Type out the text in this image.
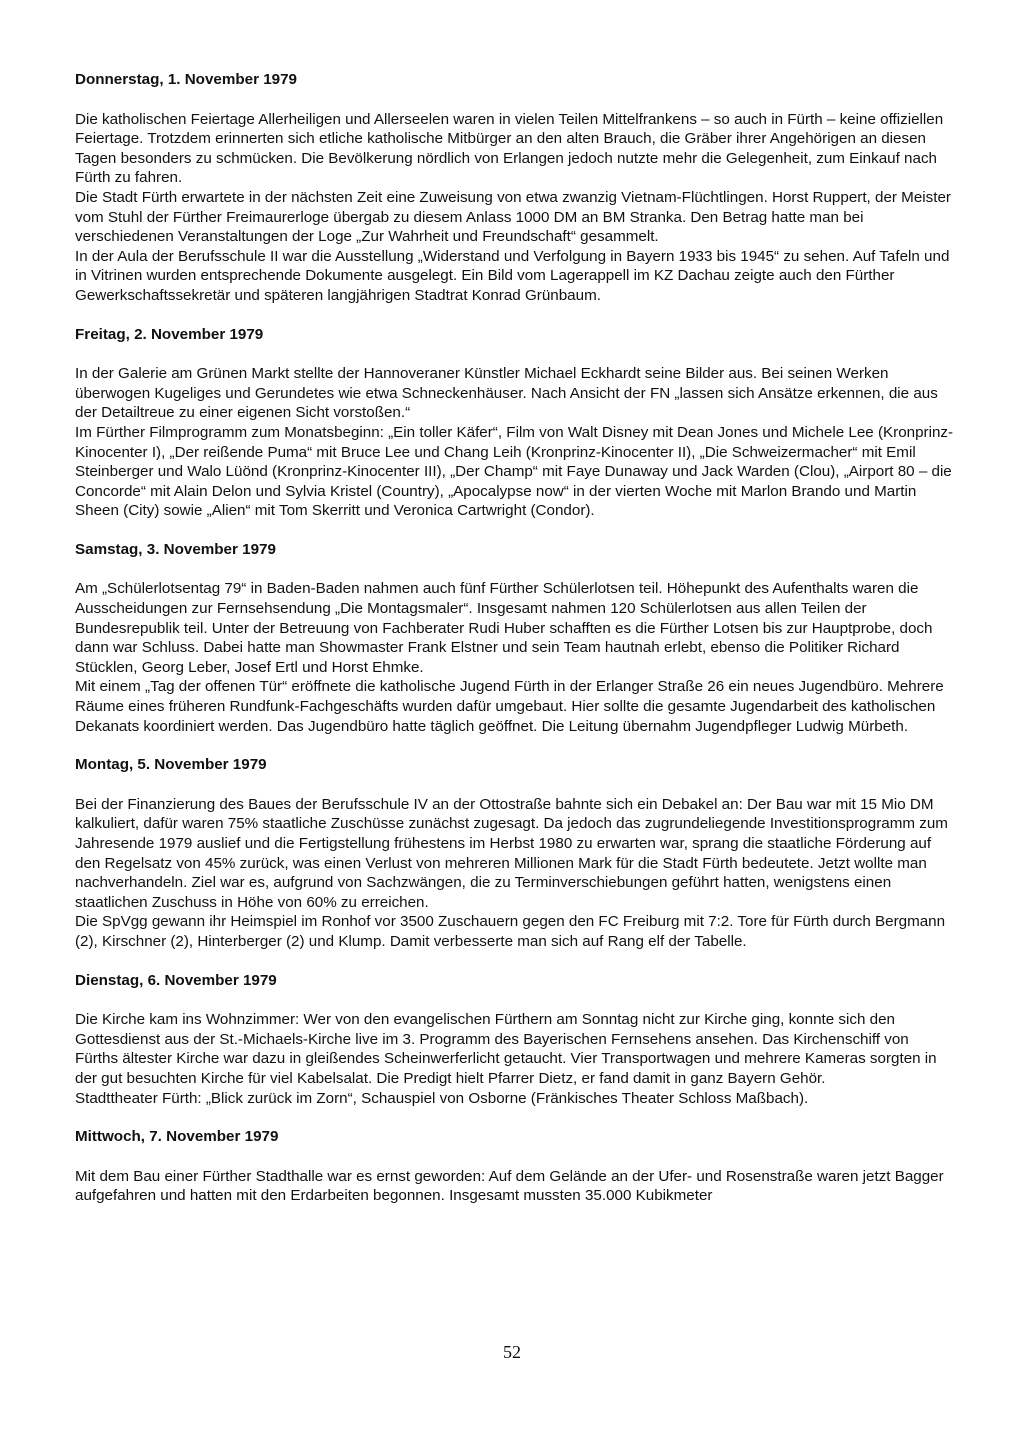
Donnerstag, 1. November 1979

Die katholischen Feiertage Allerheiligen und Allerseelen waren in vielen Teilen Mittelfrankens – so auch in Fürth – keine offiziellen Feiertage. Trotzdem erinnerten sich etliche katholische Mitbürger an den alten Brauch, die Gräber ihrer Angehörigen an diesen Tagen besonders zu schmücken. Die Bevölkerung nördlich von Erlangen jedoch nutzte mehr die Gelegenheit, zum Einkauf nach Fürth zu fahren.

Die Stadt Fürth erwartete in der nächsten Zeit eine Zuweisung von etwa zwanzig Vietnam-Flüchtlingen. Horst Ruppert, der Meister vom Stuhl der Fürther Freimaurerloge übergab zu diesem Anlass 1000 DM an BM Stranka. Den Betrag hatte man bei verschiedenen Veranstaltungen der Loge „Zur Wahrheit und Freundschaft“ gesammelt.

In der Aula der Berufsschule II war die Ausstellung „Widerstand und Verfolgung in Bayern 1933 bis 1945“ zu sehen. Auf Tafeln und in Vitrinen wurden entsprechende Dokumente ausgelegt. Ein Bild vom Lagerappell im KZ Dachau zeigte auch den Fürther Gewerkschaftssekretär und späteren langjährigen Stadtrat Konrad Grünbaum.

Freitag, 2. November 1979

In der Galerie am Grünen Markt stellte der Hannoveraner Künstler Michael Eckhardt seine Bilder aus. Bei seinen Werken überwogen Kugeliges und Gerundetes wie etwa Schneckenhäuser. Nach Ansicht der FN „lassen sich Ansätze erkennen, die aus der Detailtreue zu einer eigenen Sicht vorstoßen.“

Im Fürther Filmprogramm zum Monatsbeginn: „Ein toller Käfer“, Film von Walt Disney mit Dean Jones und Michele Lee (Kronprinz-Kinocenter I), „Der reißende Puma“ mit Bruce Lee und Chang Leih (Kronprinz-Kinocenter II), „Die Schweizermacher“ mit Emil Steinberger und Walo Lüönd (Kronprinz-Kinocenter III), „Der Champ“ mit Faye Dunaway und Jack Warden (Clou), „Airport 80 – die Concorde“ mit Alain Delon und Sylvia Kristel (Country), „Apocalypse now“ in der vierten Woche mit Marlon Brando und Martin Sheen (City) sowie „Alien“ mit Tom Skerritt und Veronica Cartwright (Condor).

Samstag, 3. November 1979

Am „Schülerlotsentag 79“ in Baden-Baden nahmen auch fünf Fürther Schülerlotsen teil. Höhepunkt des Aufenthalts waren die Ausscheidungen zur Fernsehsendung „Die Montagsmaler“. Insgesamt nahmen 120 Schülerlotsen aus allen Teilen der Bundesrepublik teil. Unter der Betreuung von Fachberater Rudi Huber schafften es die Fürther Lotsen bis zur Hauptprobe, doch dann war Schluss. Dabei hatte man Showmaster Frank Elstner und sein Team hautnah erlebt, ebenso die Politiker Richard Stücklen, Georg Leber, Josef Ertl und Horst Ehmke.

Mit einem „Tag der offenen Tür“ eröffnete die katholische Jugend Fürth in der Erlanger Straße 26 ein neues Jugendbüro. Mehrere Räume eines früheren Rundfunk-Fachgeschäfts wurden dafür umgebaut. Hier sollte die gesamte Jugendarbeit des katholischen Dekanats koordiniert werden. Das Jugendbüro hatte täglich geöffnet. Die Leitung übernahm Jugendpfleger Ludwig Mürbeth.

Montag, 5. November 1979

Bei der Finanzierung des Baues der Berufsschule IV an der Ottostraße bahnte sich ein Debakel an: Der Bau war mit 15 Mio DM kalkuliert, dafür waren 75% staatliche Zuschüsse zunächst zugesagt. Da jedoch das zugrundeliegende Investitionsprogramm zum Jahresende 1979 auslief und die Fertigstellung frühestens im Herbst 1980 zu erwarten war, sprang die staatliche Förderung auf den Regelsatz von 45% zurück, was einen Verlust von mehreren Millionen Mark für die Stadt Fürth bedeutete. Jetzt wollte man nachverhandeln. Ziel war es, aufgrund von Sachzwängen, die zu Terminverschiebungen geführt hatten, wenigstens einen staatlichen Zuschuss in Höhe von 60% zu erreichen.

Die SpVgg gewann ihr Heimspiel im Ronhof vor 3500 Zuschauern gegen den FC Freiburg mit 7:2. Tore für Fürth durch Bergmann (2), Kirschner (2), Hinterberger (2) und Klump. Damit verbesserte man sich auf Rang elf der Tabelle.

Dienstag, 6. November 1979

Die Kirche kam ins Wohnzimmer: Wer von den evangelischen Fürthern am Sonntag nicht zur Kirche ging, konnte sich den Gottesdienst aus der St.-Michaels-Kirche live im 3. Programm des Bayerischen Fernsehens ansehen. Das Kirchenschiff von Fürths ältester Kirche war dazu in gleißendes Scheinwerferlicht getaucht. Vier Transportwagen und mehrere Kameras sorgten in der gut besuchten Kirche für viel Kabelsalat. Die Predigt hielt Pfarrer Dietz, er fand damit in ganz Bayern Gehör.

Stadttheater Fürth: „Blick zurück im Zorn“, Schauspiel von Osborne (Fränkisches Theater Schloss Maßbach).

Mittwoch, 7. November 1979

Mit dem Bau einer Fürther Stadthalle war es ernst geworden: Auf dem Gelände an der Ufer- und Rosenstraße waren jetzt Bagger aufgefahren und hatten mit den Erdarbeiten begonnen. Insgesamt mussten 35.000 Kubikmeter

52
